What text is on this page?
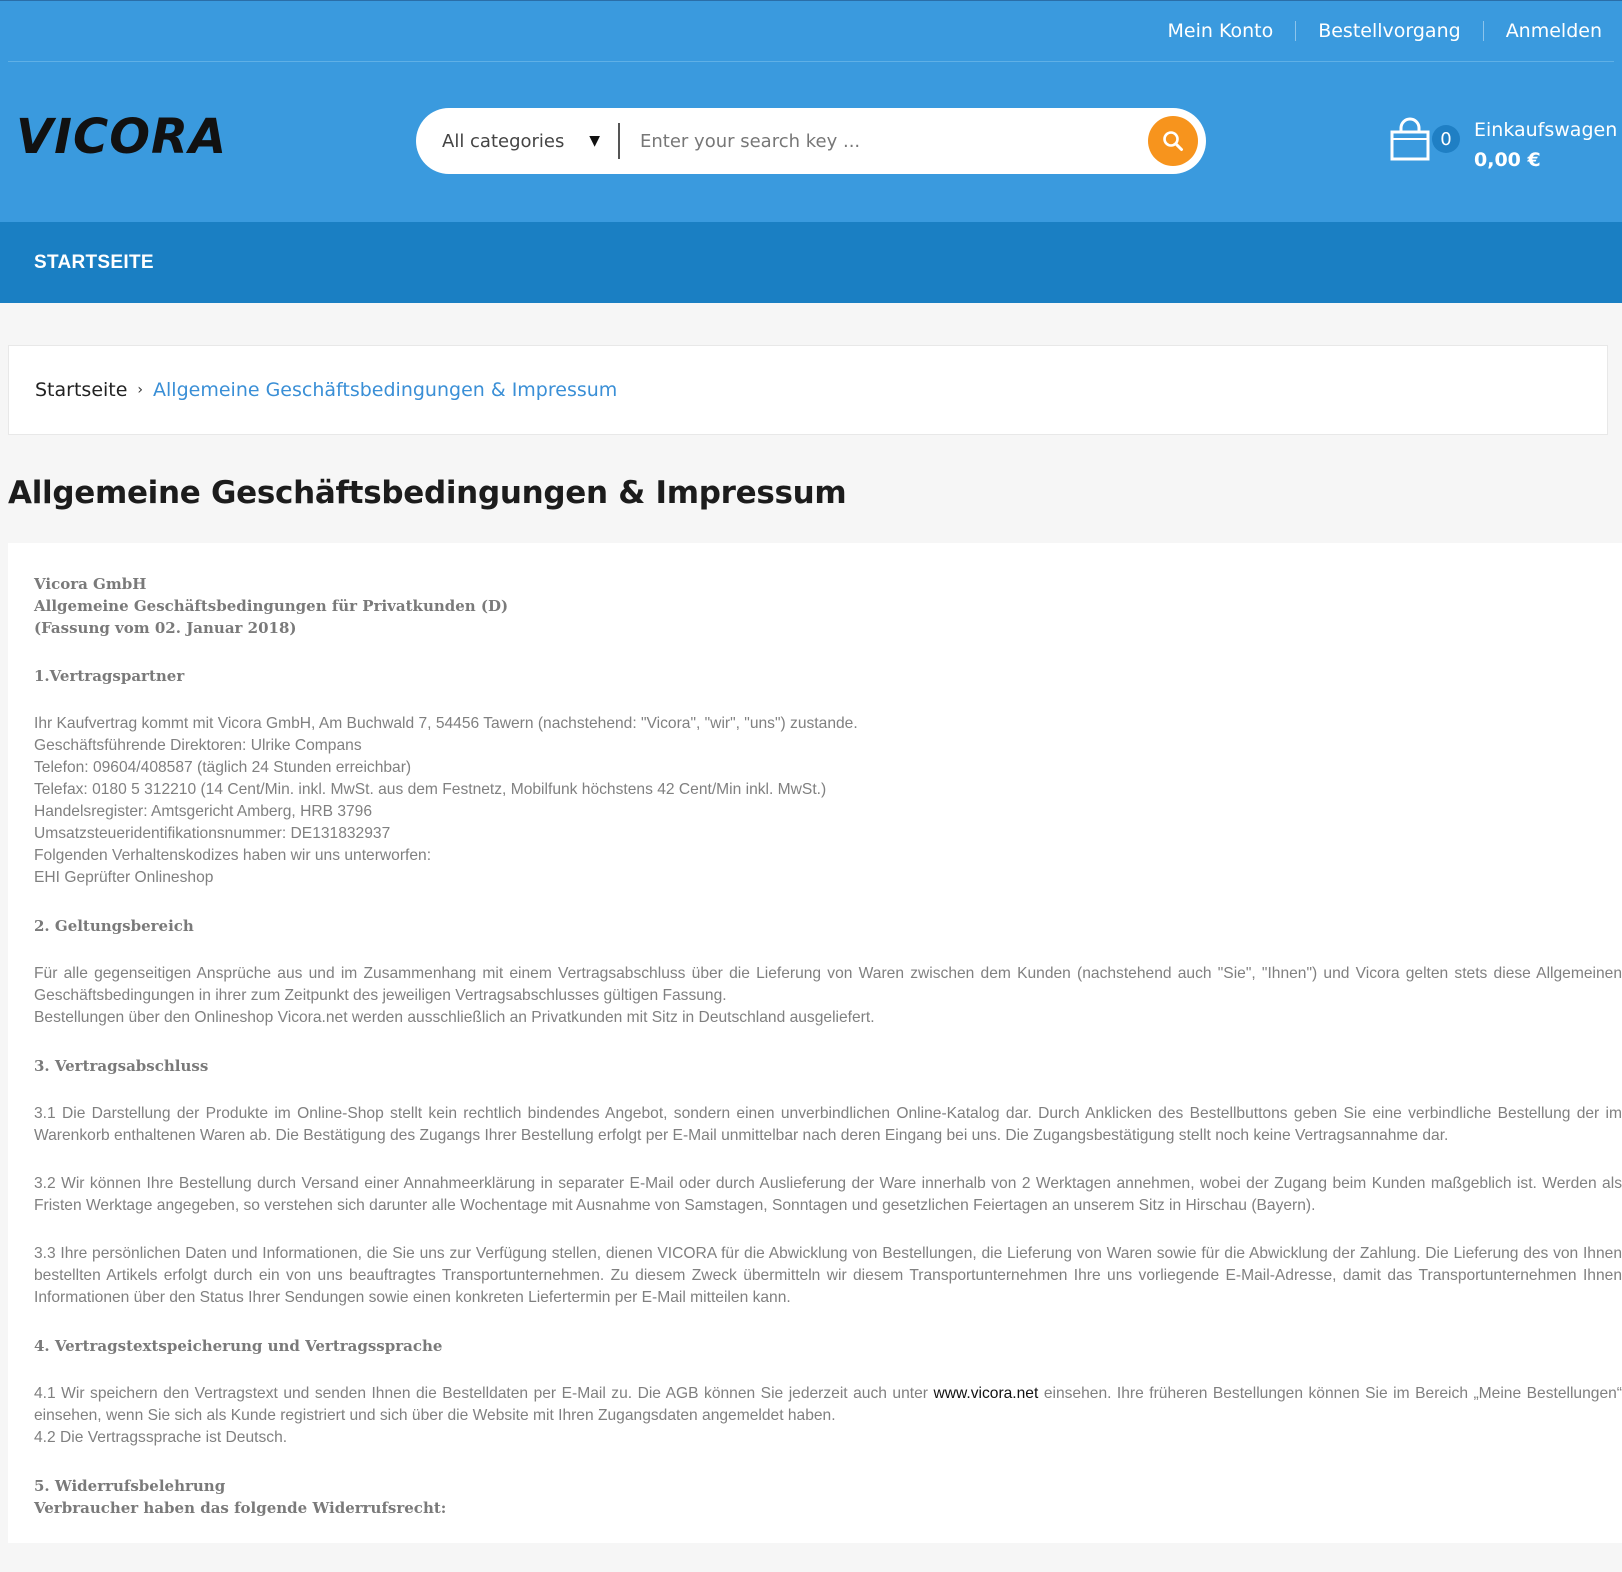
Mein Konto	Bestellvorgang	Anmelden
VICORA	All categories ▼
Enter your search key ...	0	Einkaufswagen
0,00 €
STARTSEITE
Startseite › Allgemeine Geschäftsbedingungen & Impressum
Allgemeine Geschäftsbedingungen & Impressum
Vicora GmbH
Allgemeine Geschäftsbedingungen für Privatkunden (D)
(Fassung vom 02. Januar 2018)
1.Vertragspartner
Ihr Kaufvertrag kommt mit Vicora GmbH, Am Buchwald 7, 54456 Tawern (nachstehend: "Vicora", "wir", "uns") zustande.
Geschäftsführende Direktoren: Ulrike Compans
Telefon: 09604/408587 (täglich 24 Stunden erreichbar)
Telefax: 0180 5 312210 (14 Cent/Min. inkl. MwSt. aus dem Festnetz, Mobilfunk höchstens 42 Cent/Min inkl. MwSt.)
Handelsregister: Amtsgericht Amberg, HRB 3796
Umsatzsteueridentifikationsnummer: DE131832937
Folgenden Verhaltenskodizes haben wir uns unterworfen:
EHI Geprüfter Onlineshop
2. Geltungsbereich

Für alle gegenseitigen Ansprüche aus und im Zusammenhang mit einem Vertragsabschluss über die Lieferung von Waren zwischen dem Kunden (nachstehend auch "Sie", "Ihnen") und Vicora gelten stets diese Allgemeinen Geschäftsbedingungen in ihrer zum Zeitpunkt des jeweiligen Vertragsabschlusses gültigen Fassung.

Bestellungen über den Onlineshop Vicora.net werden ausschließlich an Privatkunden mit Sitz in Deutschland ausgeliefert.

3. Vertragsabschluss

3.1 Die Darstellung der Produkte im Online-Shop stellt kein rechtlich bindendes Angebot, sondern einen unverbindlichen Online-Katalog dar. Durch Anklicken des Bestellbuttons geben Sie eine verbindliche Bestellung der im Warenkorb enthaltenen Waren ab. Die Bestätigung des Zugangs Ihrer Bestellung erfolgt per E-Mail unmittelbar nach deren Eingang bei uns. Die Zugangsbestätigung stellt noch keine Vertragsannahme dar.

3.2 Wir können Ihre Bestellung durch Versand einer Annahmeerklärung in separater E-Mail oder durch Auslieferung der Ware innerhalb von 2 Werktagen annehmen, wobei der Zugang beim Kunden maßgeblich ist. Werden als Fristen Werktage angegeben, so verstehen sich darunter alle Wochentage mit Ausnahme von Samstagen, Sonntagen und gesetzlichen Feiertagen an unserem Sitz in Hirschau (Bayern).

3.3 Ihre persönlichen Daten und Informationen, die Sie uns zur Verfügung stellen, dienen VICORA für die Abwicklung von Bestellungen, die Lieferung von Waren sowie für die Abwicklung der Zahlung. Die Lieferung des von Ihnen bestellten Artikels erfolgt durch ein von uns beauftragtes Transportunternehmen. Zu diesem Zweck übermitteln wir diesem Transportunternehmen Ihre uns vorliegende E-Mail-Adresse, damit das Transportunternehmen Ihnen Informationen über den Status Ihrer Sendungen sowie einen konkreten Liefertermin per E-Mail mitteilen kann.

4. Vertragstextspeicherung und Vertragssprache

4.1 Wir speichern den Vertragstext und senden Ihnen die Bestelldaten per E-Mail zu. Die AGB können Sie jederzeit auch unter www.vicora.net einsehen. Ihre früheren Bestellungen können Sie im Bereich „Meine Bestellungen“ einsehen, wenn Sie sich als Kunde registriert und sich über die Website mit Ihren Zugangsdaten angemeldet haben.

4.2 Die Vertragssprache ist Deutsch.

5. Widerrufsbelehrung
Verbraucher haben das folgende Widerrufsrecht:
